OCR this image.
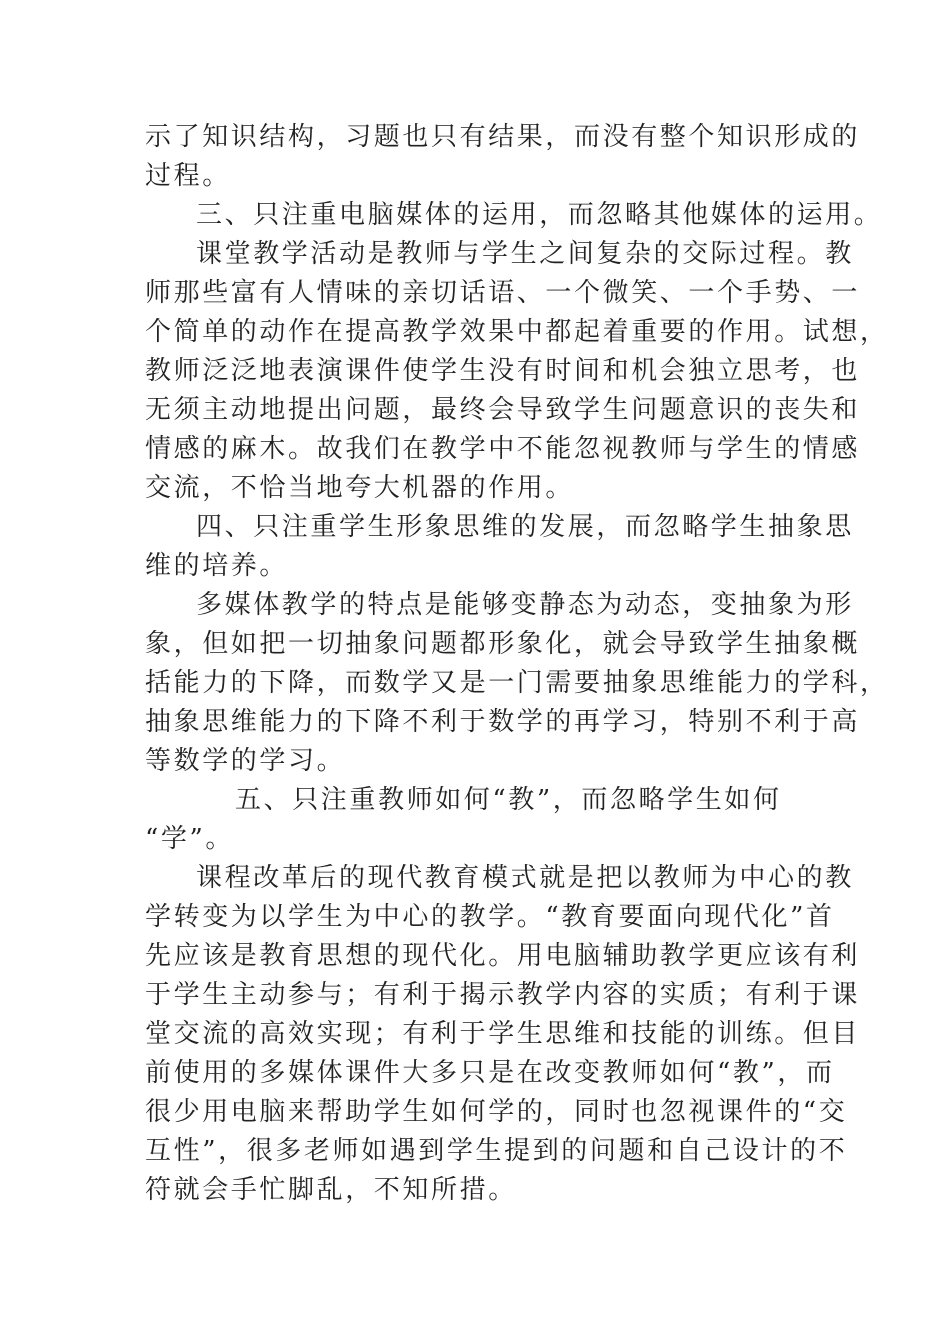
示了知识结构，习题也只有结果，而没有整个知识形成的
过程。
三、只注重电脑媒体的运用，而忽略其他媒体的运用。
课堂教学活动是教师与学生之间复杂的交际过程。教
师那些富有人情味的亲切话语、一个微笑、一个手势、一
个简单的动作在提高教学效果中都起着重要的作用。试想，
教师泛泛地表演课件使学生没有时间和机会独立思考，也
无须主动地提出问题，最终会导致学生问题意识的丧失和
情感的麻木。故我们在教学中不能忽视教师与学生的情感
交流，不恰当地夸大机器的作用。
四、只注重学生形象思维的发展，而忽略学生抽象思
维的培养。
多媒体教学的特点是能够变静态为动态，变抽象为形
象，但如把一切抽象问题都形象化，就会导致学生抽象概
括能力的下降，而数学又是一门需要抽象思维能力的学科，
抽象思维能力的下降不利于数学的再学习，特别不利于高
等数学的学习。
五、只注重教师如何“教”，而忽略学生如何
“学”。
课程改革后的现代教育模式就是把以教师为中心的教
学转变为以学生为中心的教学。“教育要面向现代化”首
先应该是教育思想的现代化。用电脑辅助教学更应该有利
于学生主动参与；有利于揭示教学内容的实质；有利于课
堂交流的高效实现；有利于学生思维和技能的训练。但目
前使用的多媒体课件大多只是在改变教师如何“教”，而
很少用电脑来帮助学生如何学的，同时也忽视课件的“交
互性”，很多老师如遇到学生提到的问题和自己设计的不
符就会手忙脚乱，不知所措。
